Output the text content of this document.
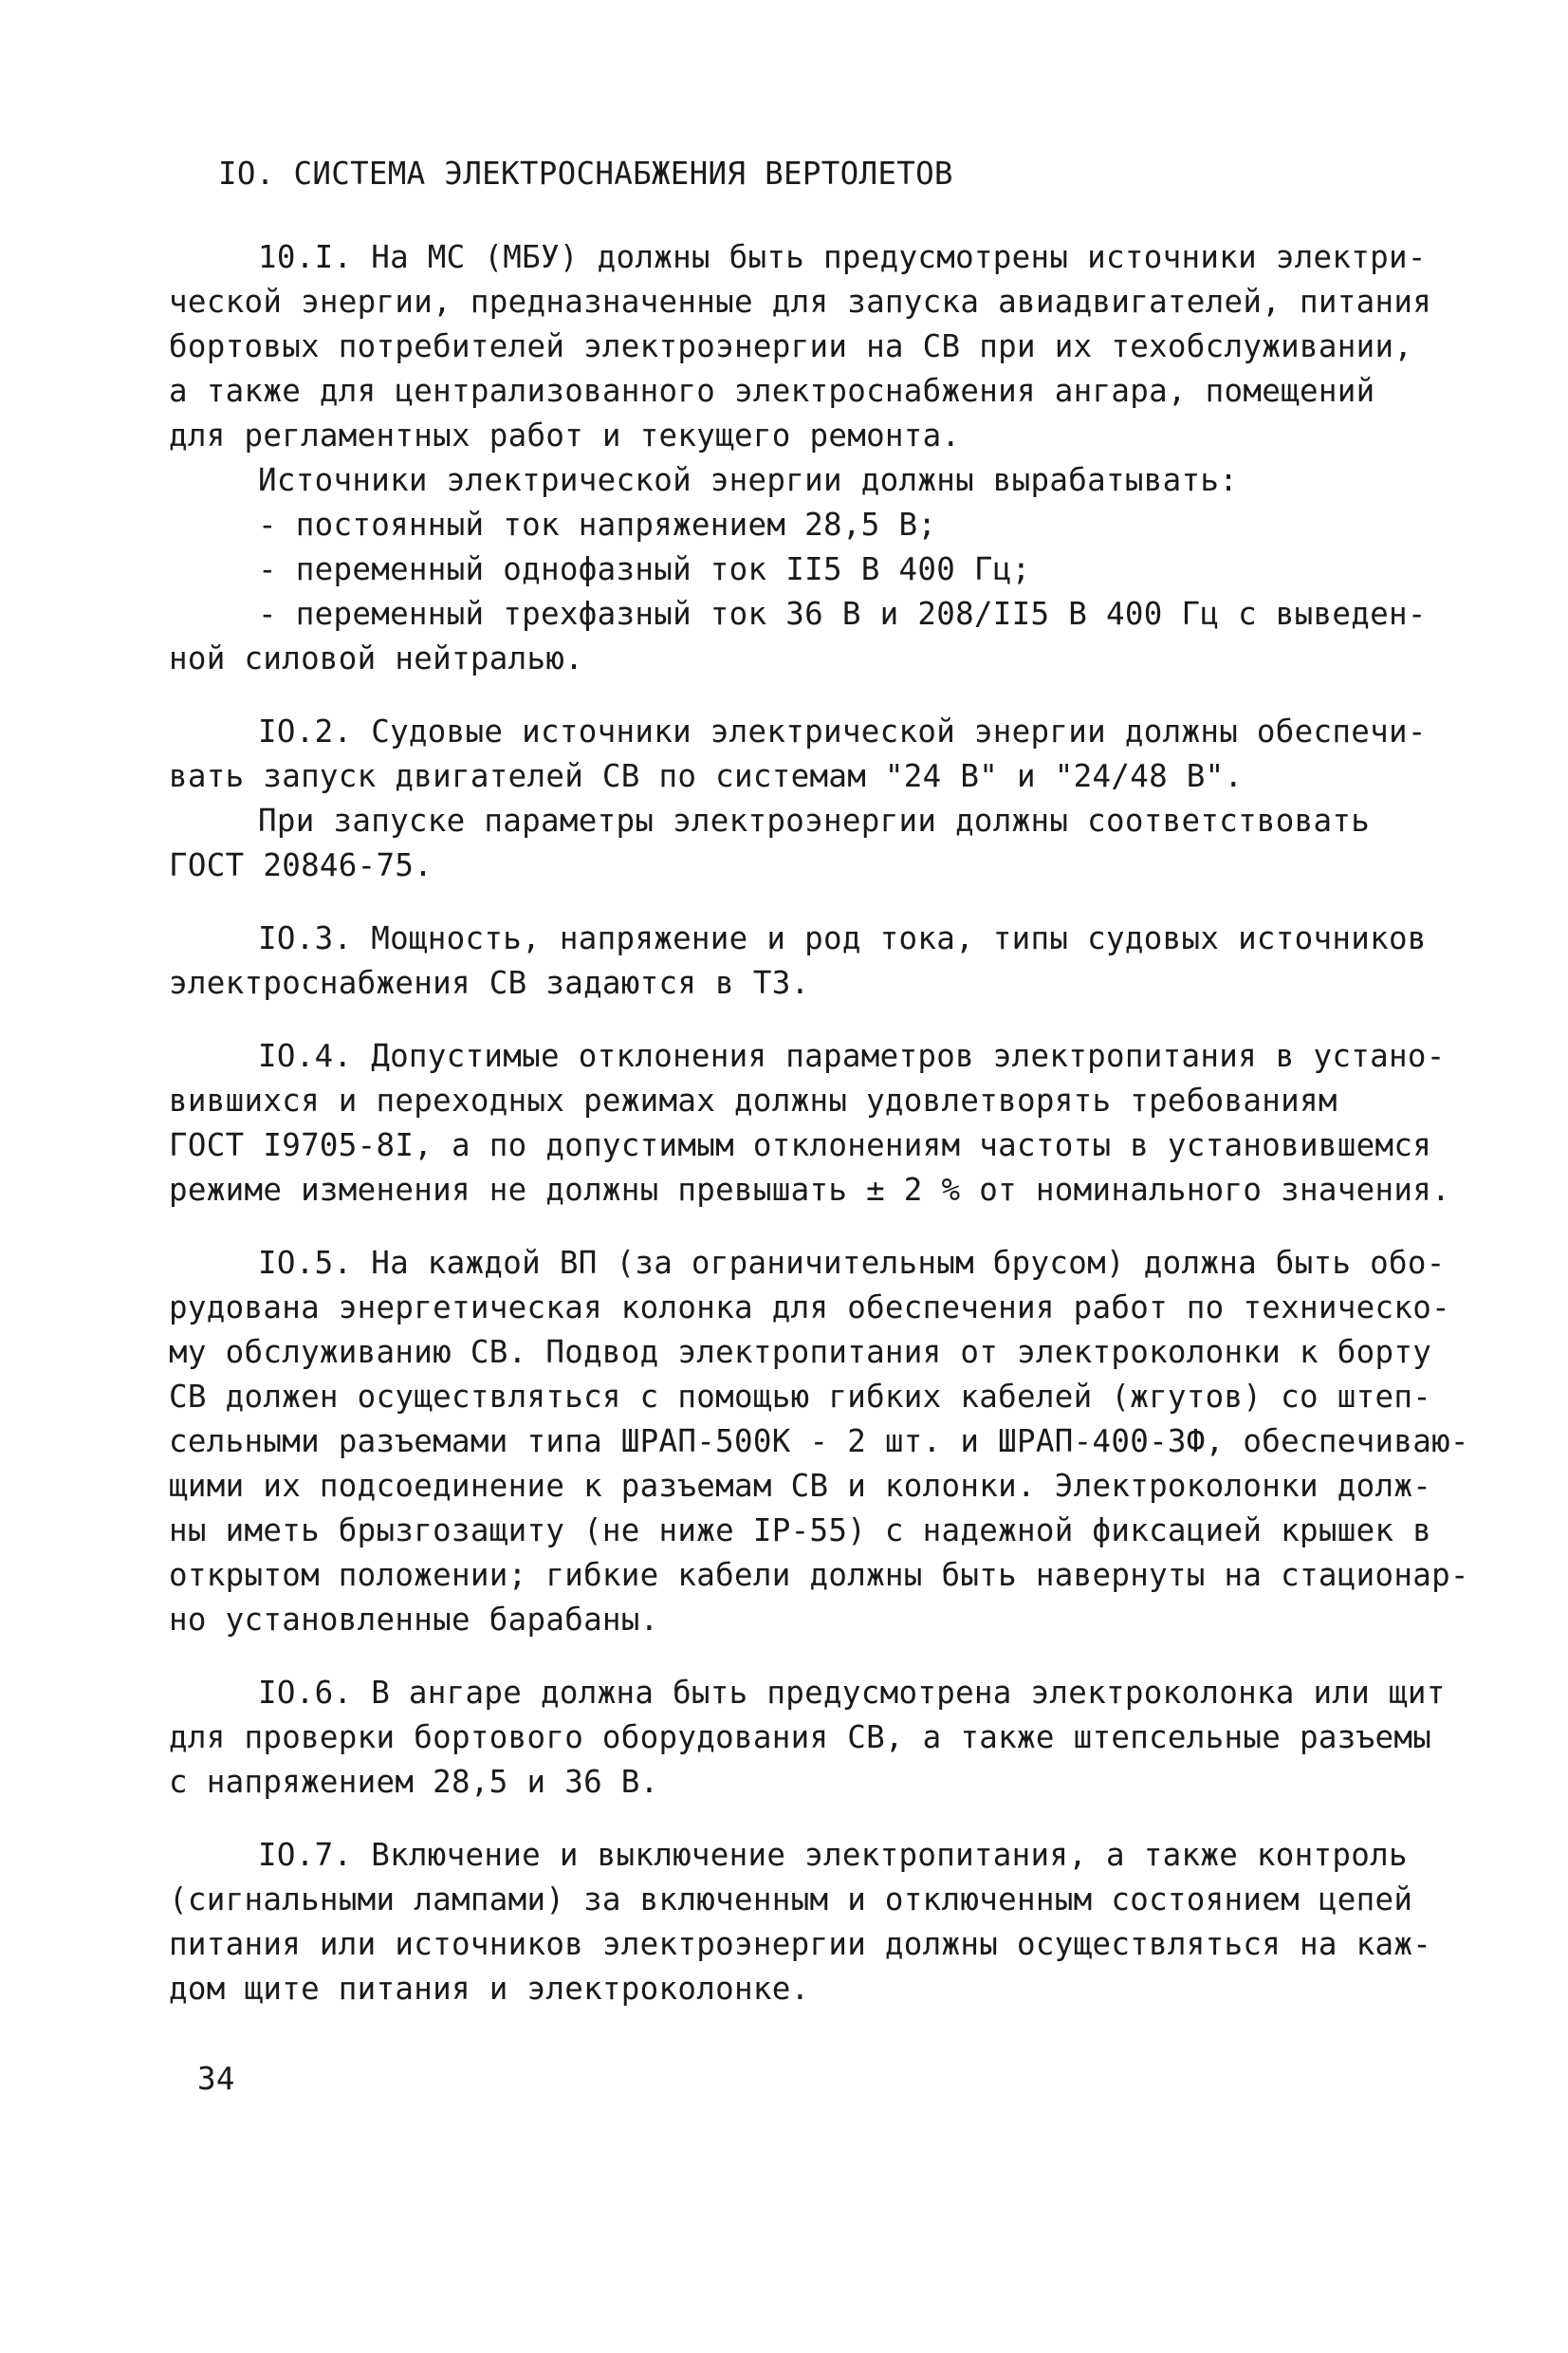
IO. СИСТЕМА ЭЛЕКТРОСНАБЖЕНИЯ ВЕРТОЛЕТОВ
10.I. На МС (МБУ) должны быть предусмотрены источники электри-
ческой энергии, предназначенные для запуска авиадвигателей, питания
бортовых потребителей электроэнергии на СВ при их техобслуживании,
а также для централизованного электроснабжения ангара, помещений
для регламентных работ и текущего ремонта.
Источники электрической энергии должны вырабатывать:
- постоянный ток напряжением 28,5 В;
- переменный однофазный ток II5 В 400 Гц;
- переменный трехфазный ток 36 В и 208/II5 В 400 Гц с выведен-
ной силовой нейтралью.
IO.2. Судовые источники электрической энергии должны обеспечи-
вать запуск двигателей СВ по системам "24 В" и "24/48 В".
При запуске параметры электроэнергии должны соответствовать
ГОСТ 20846-75.
IO.3. Мощность, напряжение и род тока, типы судовых источников
электроснабжения СВ задаются в ТЗ.
IO.4. Допустимые отклонения параметров электропитания в устано-
вившихся и переходных режимах должны удовлетворять требованиям
ГОСТ I9705-8I, а по допустимым отклонениям частоты в установившемся
режиме изменения не должны превышать ± 2 % от номинального значения.
IO.5. На каждой ВП (за ограничительным брусом) должна быть обо-
рудована энергетическая колонка для обеспечения работ по техническо-
му обслуживанию СВ. Подвод электропитания от электроколонки к борту
СВ должен осуществляться с помощью гибких кабелей (жгутов) со штеп-
сельными разъемами типа ШРАП-500К - 2 шт. и ШРАП-400-3Ф, обеспечиваю-
щими их подсоединение к разъемам СВ и колонки. Электроколонки долж-
ны иметь брызгозащиту (не ниже IP-55) с надежной фиксацией крышек в
открытом положении; гибкие кабели должны быть навернуты на стационар-
но установленные барабаны.
IO.6. В ангаре должна быть предусмотрена электроколонка или щит
для проверки бортового оборудования СВ, а также штепсельные разъемы
с напряжением 28,5 и 36 В.
IO.7. Включение и выключение электропитания, а также контроль
(сигнальными лампами) за включенным и отключенным состоянием цепей
питания или источников электроэнергии должны осуществляться на каж-
дом щите питания и электроколонке.
34
